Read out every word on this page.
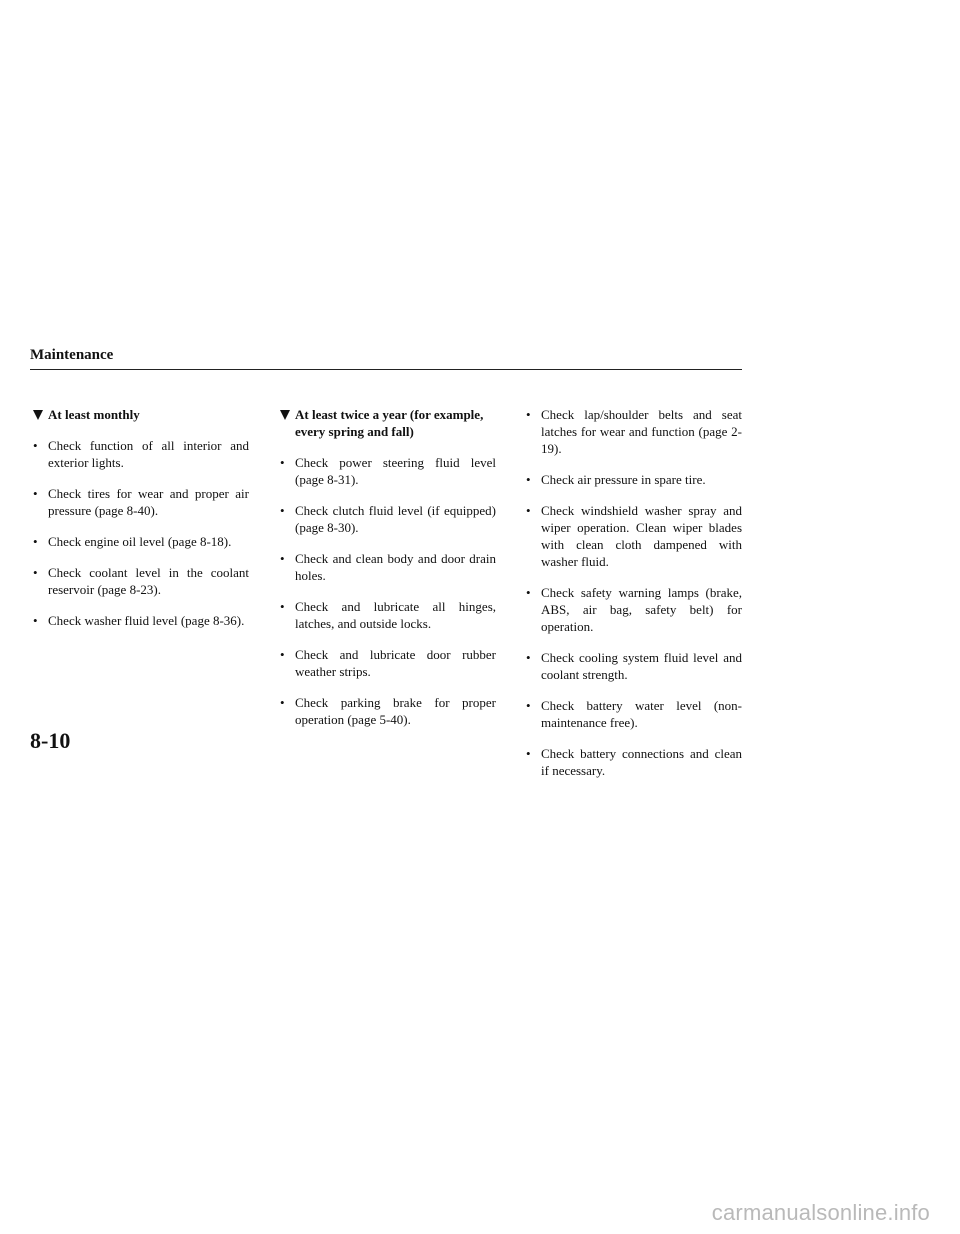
Maintenance
At least monthly
• Check function of all interior and exterior lights.
• Check tires for wear and proper air pressure (page 8-40).
• Check engine oil level (page 8-18).
• Check coolant level in the coolant reservoir (page 8-23).
• Check washer fluid level (page 8-36).
At least twice a year (for example, every spring and fall)
• Check power steering fluid level (page 8-31).
• Check clutch fluid level (if equipped) (page 8-30).
• Check and clean body and door drain holes.
• Check and lubricate all hinges, latches, and outside locks.
• Check and lubricate door rubber weather strips.
• Check parking brake for proper operation (page 5-40).
• Check lap/shoulder belts and seat latches for wear and function (page 2-19).
• Check air pressure in spare tire.
• Check windshield washer spray and wiper operation. Clean wiper blades with clean cloth dampened with washer fluid.
• Check safety warning lamps (brake, ABS, air bag, safety belt) for operation.
• Check cooling system fluid level and coolant strength.
• Check battery water level (non-maintenance free).
• Check battery connections and clean if necessary.
8-10
carmanualsonline.info
